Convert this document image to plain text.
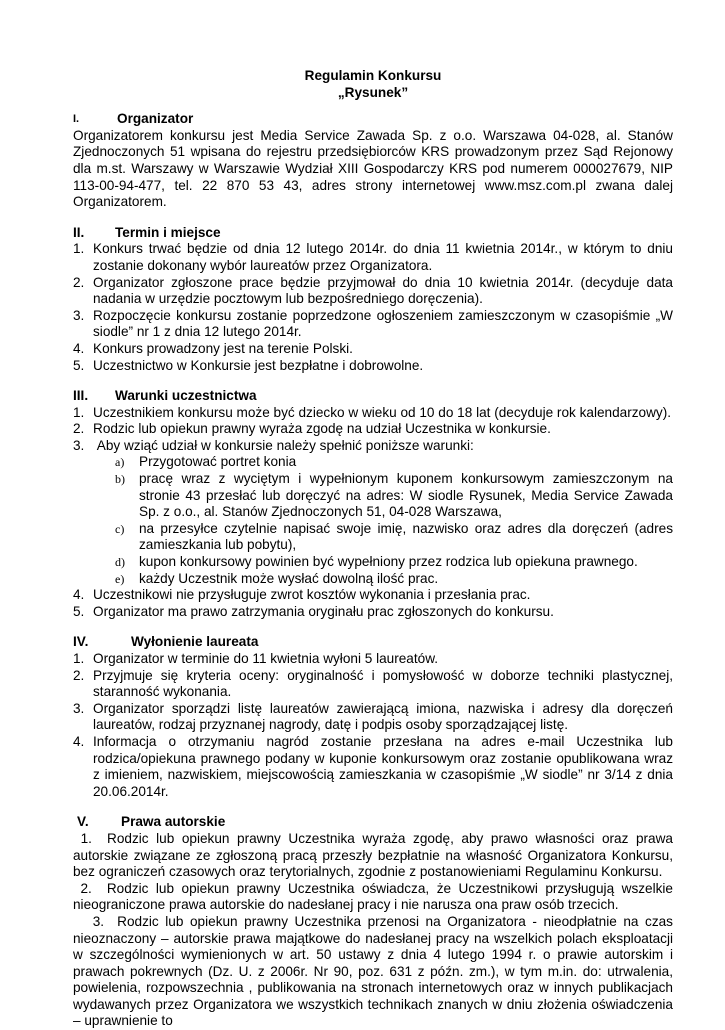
Regulamin Konkursu
„Rysunek”
I.	Organizator
Organizatorem konkursu jest Media Service Zawada Sp. z o.o. Warszawa 04-028, al. Stanów Zjednoczonych 51 wpisana do rejestru przedsiębiorców KRS prowadzonym przez Sąd Rejonowy dla m.st. Warszawy w Warszawie Wydział XIII Gospodarczy KRS pod numerem 000027679, NIP 113-00-94-477, tel. 22 870 53 43, adres strony internetowej www.msz.com.pl zwana dalej Organizatorem.
II.	Termin i miejsce
1. Konkurs trwać będzie od dnia 12 lutego 2014r. do dnia 11 kwietnia 2014r., w którym to dniu zostanie dokonany wybór laureatów przez Organizatora.
2. Organizator zgłoszone prace będzie przyjmował do dnia 10 kwietnia 2014r. (decyduje data nadania w urzędzie pocztowym lub bezpośredniego doręczenia).
3. Rozpoczęcie konkursu zostanie poprzedzone ogłoszeniem zamieszczonym w czasopiśmie „W siodle” nr 1 z dnia 12 lutego 2014r.
4. Konkurs prowadzony jest na terenie Polski.
5. Uczestnictwo w Konkursie jest bezpłatne i dobrowolne.
III.	Warunki uczestnictwa
1. Uczestnikiem konkursu może być dziecko w wieku od 10 do 18 lat (decyduje rok kalendarzowy).
2. Rodzic lub opiekun prawny wyraża zgodę na udział Uczestnika w konkursie.
3. Aby wziąć udział w konkursie należy spełnić poniższe warunki:
a)	Przygotować portret konia
b)	pracę wraz z wyciętym i wypełnionym kuponem konkursowym zamieszczonym na stronie 43 przesłać lub doręczyć na adres: W siodle Rysunek, Media Service Zawada Sp. z o.o., al. Stanów Zjednoczonych 51, 04-028 Warszawa,
c)	na przesyłce czytelnie napisać swoje imię, nazwisko oraz adres dla doręczeń (adres zamieszkania lub pobytu),
d)	kupon konkursowy powinien być wypełniony przez rodzica lub opiekuna prawnego.
e)	każdy Uczestnik może wysłać dowolną ilość prac.
4. Uczestnikowi nie przysługuje zwrot kosztów wykonania i przesłania prac.
5. Organizator ma prawo zatrzymania oryginału prac zgłoszonych do konkursu.
IV.	Wyłonienie laureata
1. Organizator w terminie do 11 kwietnia wyłoni 5 laureatów.
2. Przyjmuje się kryteria oceny: oryginalność i pomysłowość w doborze techniki plastycznej, staranność wykonania.
3. Organizator sporządzi listę laureatów zawierającą imiona, nazwiska i adresy dla doręczeń laureatów, rodzaj przyznanej nagrody, datę i podpis osoby sporządzającej listę.
4. Informacja o otrzymaniu nagród zostanie przesłana na adres e-mail Uczestnika lub rodzica/opiekuna prawnego podany w kuponie konkursowym oraz zostanie opublikowana wraz z imieniem, nazwiskiem, miejscowością zamieszkania w czasopiśmie „W siodle” nr 3/14 z dnia 20.06.2014r.
V.	Prawa autorskie
1.  Rodzic lub opiekun prawny Uczestnika wyraża zgodę, aby prawo własności oraz prawa autorskie związane ze zgłoszoną pracą przeszły bezpłatnie na własność Organizatora Konkursu, bez ograniczeń czasowych oraz terytorialnych, zgodnie z postanowieniami Regulaminu Konkursu.
2.  Rodzic lub opiekun prawny Uczestnika oświadcza, że Uczestnikowi przysługują wszelkie nieograniczone prawa autorskie do nadesłanej pracy i nie narusza ona praw osób trzecich.
3.  Rodzic lub opiekun prawny Uczestnika przenosi na Organizatora - nieodpłatnie na czas nieoznaczony – autorskie prawa majątkowe do nadesłanej pracy na wszelkich polach eksploatacji w szczególności wymienionych w art. 50 ustawy z dnia 4 lutego 1994 r. o prawie autorskim i prawach pokrewnych (Dz. U. z 2006r. Nr 90, poz. 631 z późn. zm.), w tym m.in. do: utrwalenia, powielenia, rozpowszechnia , publikowania na stronach internetowych oraz w innych publikacjach wydawanych przez Organizatora we wszystkich technikach znanych w dniu złożenia oświadczenia – uprawnienie to
